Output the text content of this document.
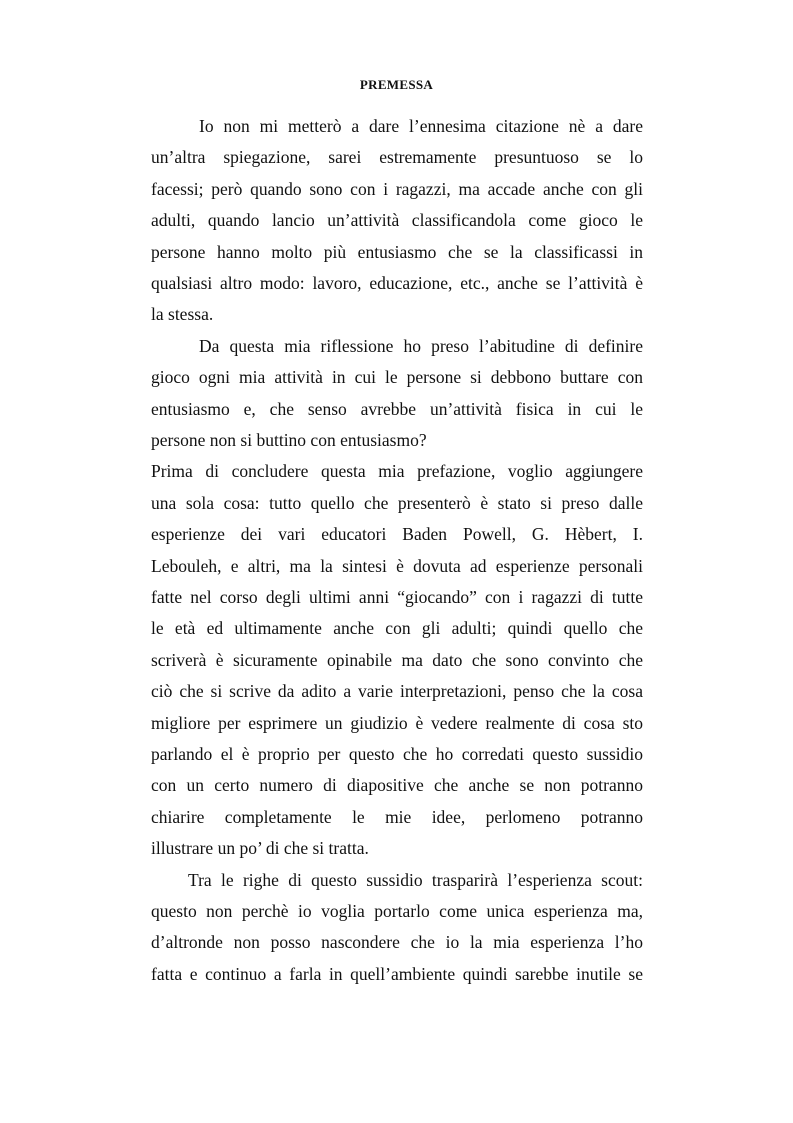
PREMESSA
Io non mi metterò a dare l’ennesima citazione nè a dare
un’altra spiegazione, sarei estremamente presuntuoso se lo
facessi; però quando sono con i ragazzi, ma accade anche con gli
adulti, quando lancio un’attività classificandola come gioco le
persone hanno molto più entusiasmo che se la classificassi in
qualsiasi altro modo: lavoro, educazione, etc., anche se l’attività è
la stessa.
Da questa mia riflessione ho preso l’abitudine di definire
gioco ogni mia attività in cui le persone si debbono buttare con
entusiasmo e, che senso avrebbe un’attività fisica in cui le
persone non si buttino con entusiasmo?
Prima di concludere questa mia prefazione, voglio aggiungere
una sola cosa: tutto quello che presenterò è stato si preso dalle
esperienze dei vari educatori Baden Powell, G. Hèbert, I.
Lebouleh, e altri, ma la sintesi è dovuta ad esperienze personali
fatte nel corso degli ultimi anni “giocando” con i ragazzi di tutte
le età ed ultimamente anche con gli adulti; quindi quello che
scriverà è sicuramente opinabile ma dato che sono convinto che
ciò che si scrive da adito a varie interpretazioni, penso che la cosa
migliore per esprimere un giudizio è vedere realmente di cosa sto
parlando el è proprio per questo che ho corredati questo sussidio
con un certo numero di diapositive che anche se non potranno
chiarire completamente le mie idee, perlomeno potranno
illustrare un po’ di che si tratta.
Tra le righe di questo sussidio trasparirà l’esperienza scout:
questo non perchè io voglia portarlo come unica esperienza ma,
d’altronde non posso nascondere che io la mia esperienza l’ho
fatta e continuo a farla in quell’ambiente quindi sarebbe inutile se
